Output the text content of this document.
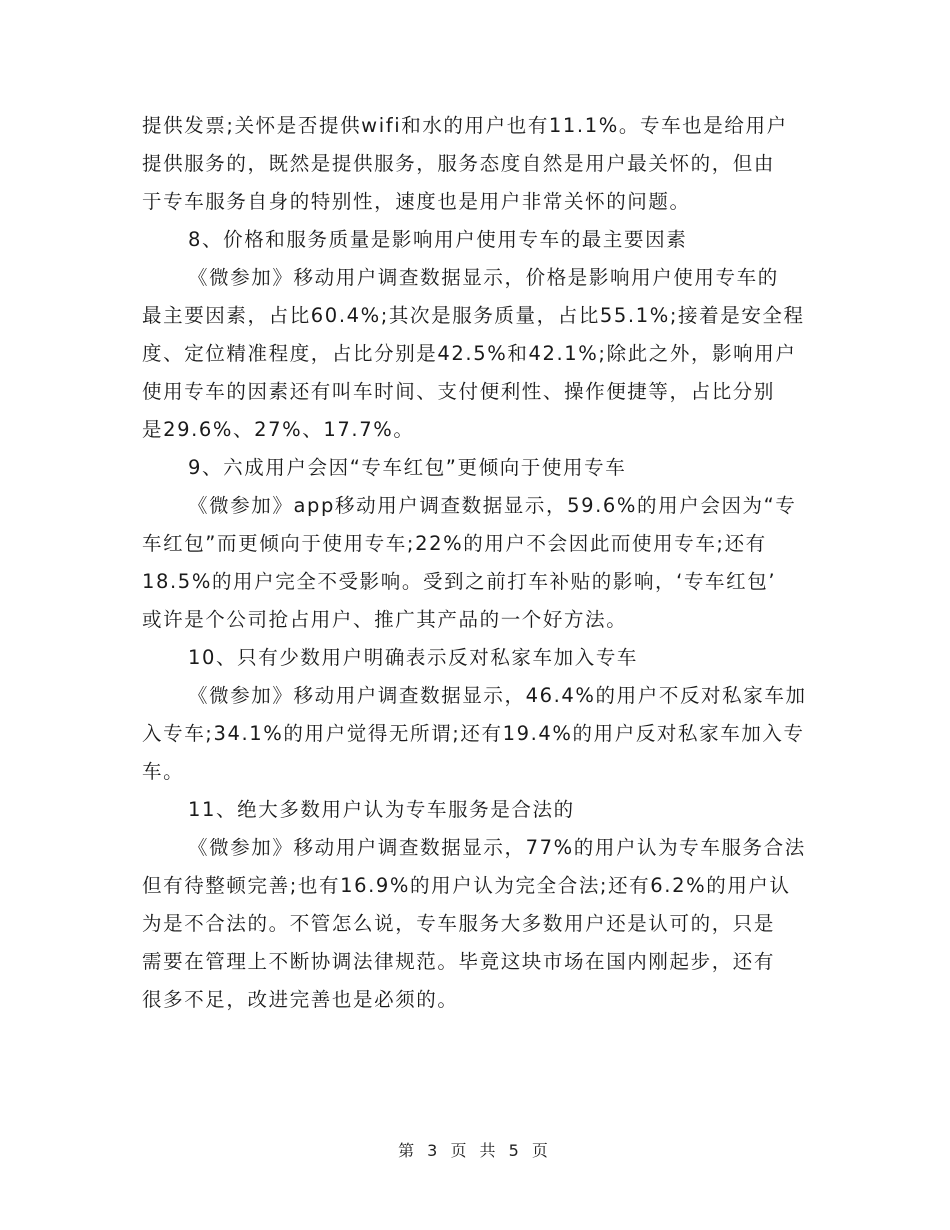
提供发票;关怀是否提供wifi和水的用户也有11.1%。专车也是给用户
提供服务的，既然是提供服务，服务态度自然是用户最关怀的，但由
于专车服务自身的特别性，速度也是用户非常关怀的问题。
8、价格和服务质量是影响用户使用专车的最主要因素
《微参加》移动用户调查数据显示，价格是影响用户使用专车的
最主要因素，占比60.4%;其次是服务质量，占比55.1%;接着是安全程
度、定位精准程度，占比分别是42.5%和42.1%;除此之外，影响用户
使用专车的因素还有叫车时间、支付便利性、操作便捷等，占比分别
是29.6%、27%、17.7%。
9、六成用户会因“专车红包”更倾向于使用专车
《微参加》app移动用户调查数据显示，59.6%的用户会因为“专
车红包”而更倾向于使用专车;22%的用户不会因此而使用专车;还有
18.5%的用户完全不受影响。受到之前打车补贴的影响，‘专车红包’
或许是个公司抢占用户、推广其产品的一个好方法。
10、只有少数用户明确表示反对私家车加入专车
《微参加》移动用户调查数据显示，46.4%的用户不反对私家车加
入专车;34.1%的用户觉得无所谓;还有19.4%的用户反对私家车加入专
车。
11、绝大多数用户认为专车服务是合法的
《微参加》移动用户调查数据显示，77%的用户认为专车服务合法
但有待整顿完善;也有16.9%的用户认为完全合法;还有6.2%的用户认
为是不合法的。不管怎么说，专车服务大多数用户还是认可的，只是
需要在管理上不断协调法律规范。毕竟这块市场在国内刚起步，还有
很多不足，改进完善也是必须的。
第 3 页 共 5 页
